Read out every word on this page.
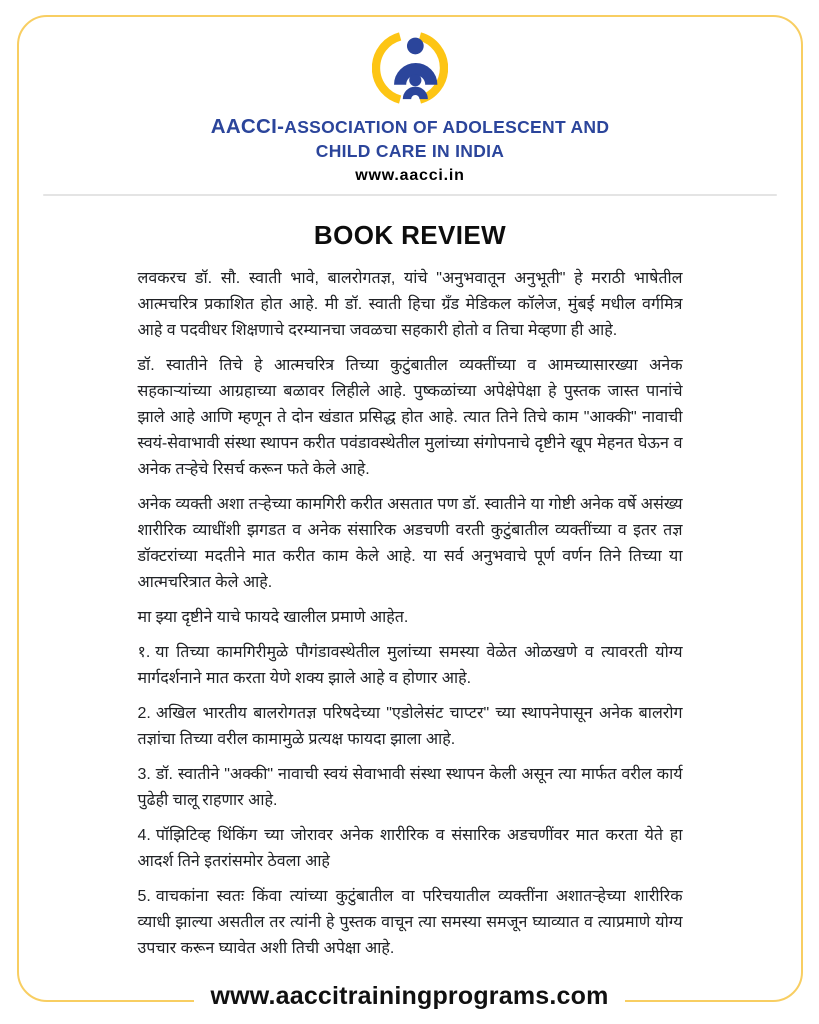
AACCI-ASSOCIATION OF ADOLESCENT AND
CHILD CARE IN INDIA
www.aacci.in
BOOK REVIEW

लवकरच डॉ. सौ. स्वाती भावे, बालरोगतज्ञ, यांचे "अनुभवातून अनुभूती" हे मराठी भाषेतील आत्मचरित्र प्रकाशित होत आहे. मी डॉ. स्वाती हिचा ग्रँड मेडिकल कॉलेज, मुंबई मधील वर्गमित्र आहे व पदवीधर शिक्षणाचे दरम्यानचा जवळचा सहकारी होतो व तिचा मेव्हणा ही आहे.

डॉ. स्वातीने तिचे हे आत्मचरित्र तिच्या कुटुंबातील व्यक्तींच्या व आमच्यासारख्या अनेक सहकाऱ्यांच्या आग्रहाच्या बळावर लिहीले आहे. पुष्कळांच्या अपेक्षेपेक्षा हे पुस्तक जास्त पानांचे झाले आहे आणि म्हणून ते दोन खंडात प्रसिद्ध होत आहे. त्यात तिने तिचे काम "आक्की" नावाची स्वयं-सेवाभावी संस्था स्थापन करीत पवंडावस्थेतील मुलांच्या संगोपनाचे दृष्टीने खूप मेहनत घेऊन व अनेक तऱ्हेचे रिसर्च करून फते केले आहे.

अनेक व्यक्ती अशा तऱ्हेच्या कामगिरी करीत असतात पण डॉ. स्वातीने या गोष्टी अनेक वर्षे असंख्य शारीरिक व्याधींशी झगडत व अनेक संसारिक अडचणी वरती कुटुंबातील व्यक्तींच्या व इतर तज्ञ डॉक्टरांच्या मदतीने मात करीत काम केले आहे. या सर्व अनुभवाचे पूर्ण वर्णन तिने तिच्या या आत्मचरित्रात केले आहे.

मा झ्या दृष्टीने याचे फायदे खालील प्रमाणे आहेत.

१. या तिच्या कामगिरीमुळे पौगंडावस्थेतील मुलांच्या समस्या वेळेत ओळखणे व त्यावरती योग्य मार्गदर्शनाने मात करता येणे शक्य झाले आहे व होणार आहे.

2. अखिल भारतीय बालरोगतज्ञ परिषदेच्या "एडोलेसंट चाप्टर" च्या स्थापनेपासून अनेक बालरोग तज्ञांचा तिच्या वरील कामामुळे प्रत्यक्ष फायदा झाला आहे.

3. डॉ. स्वातीने "अक्की" नावाची स्वयं सेवाभावी संस्था स्थापन केली असून त्या मार्फत वरील कार्य पुढेही चालू राहणार आहे.

4. पॉझिटिव्ह थिंकिंग च्या जोरावर अनेक शारीरिक व संसारिक अडचणींवर मात करता येते हा आदर्श तिने इतरांसमोर ठेवला आहे

5. वाचकांना स्वतः किंवा त्यांच्या कुटुंबातील वा परिचयातील व्यक्तींना अशातऱ्हेच्या शारीरिक व्याधी झाल्या असतील तर त्यांनी हे पुस्तक वाचून त्या समस्या समजून घ्याव्यात व त्याप्रमाणे योग्य उपचार करून घ्यावेत अशी तिची अपेक्षा आहे.

www.aaccitrainingprograms.com
